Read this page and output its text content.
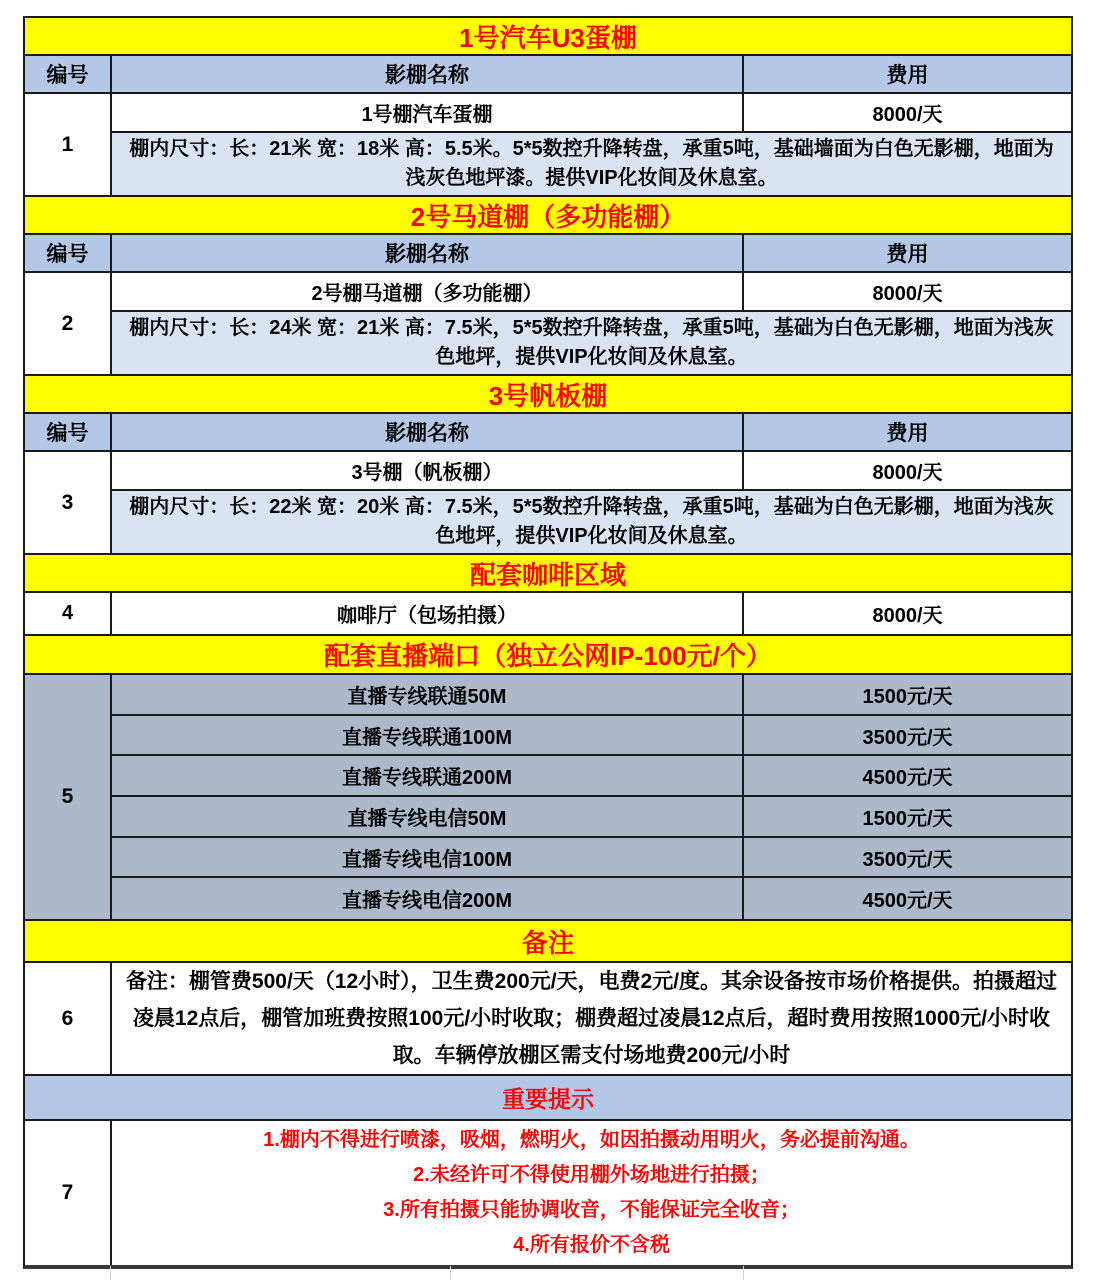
1号汽车U3蛋棚
编号	影棚名称	费用
1
1号棚汽车蛋棚	8000/天
棚内尺寸：长：21米 宽：18米 高：5.5米。5*5数控升降转盘，承重5吨，基础墙面为白色无影棚，地面为浅灰色地坪漆。提供VIP化妆间及休息室。
2号马道棚（多功能棚）
编号	影棚名称	费用
2
2号棚马道棚（多功能棚）	8000/天
棚内尺寸：长：24米 宽：21米 高：7.5米，5*5数控升降转盘，承重5吨，基础为白色无影棚，地面为浅灰色地坪，提供VIP化妆间及休息室。
3号帆板棚
编号	影棚名称	费用
3
3号棚（帆板棚）	8000/天
棚内尺寸：长：22米 宽：20米 高：7.5米，5*5数控升降转盘，承重5吨，基础为白色无影棚，地面为浅灰色地坪，提供VIP化妆间及休息室。
配套咖啡区域
4	咖啡厅（包场拍摄）	8000/天
配套直播端口（独立公网IP-100元/个）
5
直播专线联通50M	1500元/天
直播专线联通100M	3500元/天
直播专线联通200M	4500元/天
直播专线电信50M	1500元/天
直播专线电信100M	3500元/天
直播专线电信200M	4500元/天
备注
6
备注：棚管费500/天（12小时），卫生费200元/天，电费2元/度。其余设备按市场价格提供。拍摄超过凌晨12点后，棚管加班费按照100元/小时收取；棚费超过凌晨12点后，超时费用按照1000元/小时收取。车辆停放棚区需支付场地费200元/小时
重要提示
7
1.棚内不得进行喷漆，吸烟，燃明火，如因拍摄动用明火，务必提前沟通。
2.未经许可不得使用棚外场地进行拍摄；
3.所有拍摄只能协调收音，不能保证完全收音；
4.所有报价不含税
